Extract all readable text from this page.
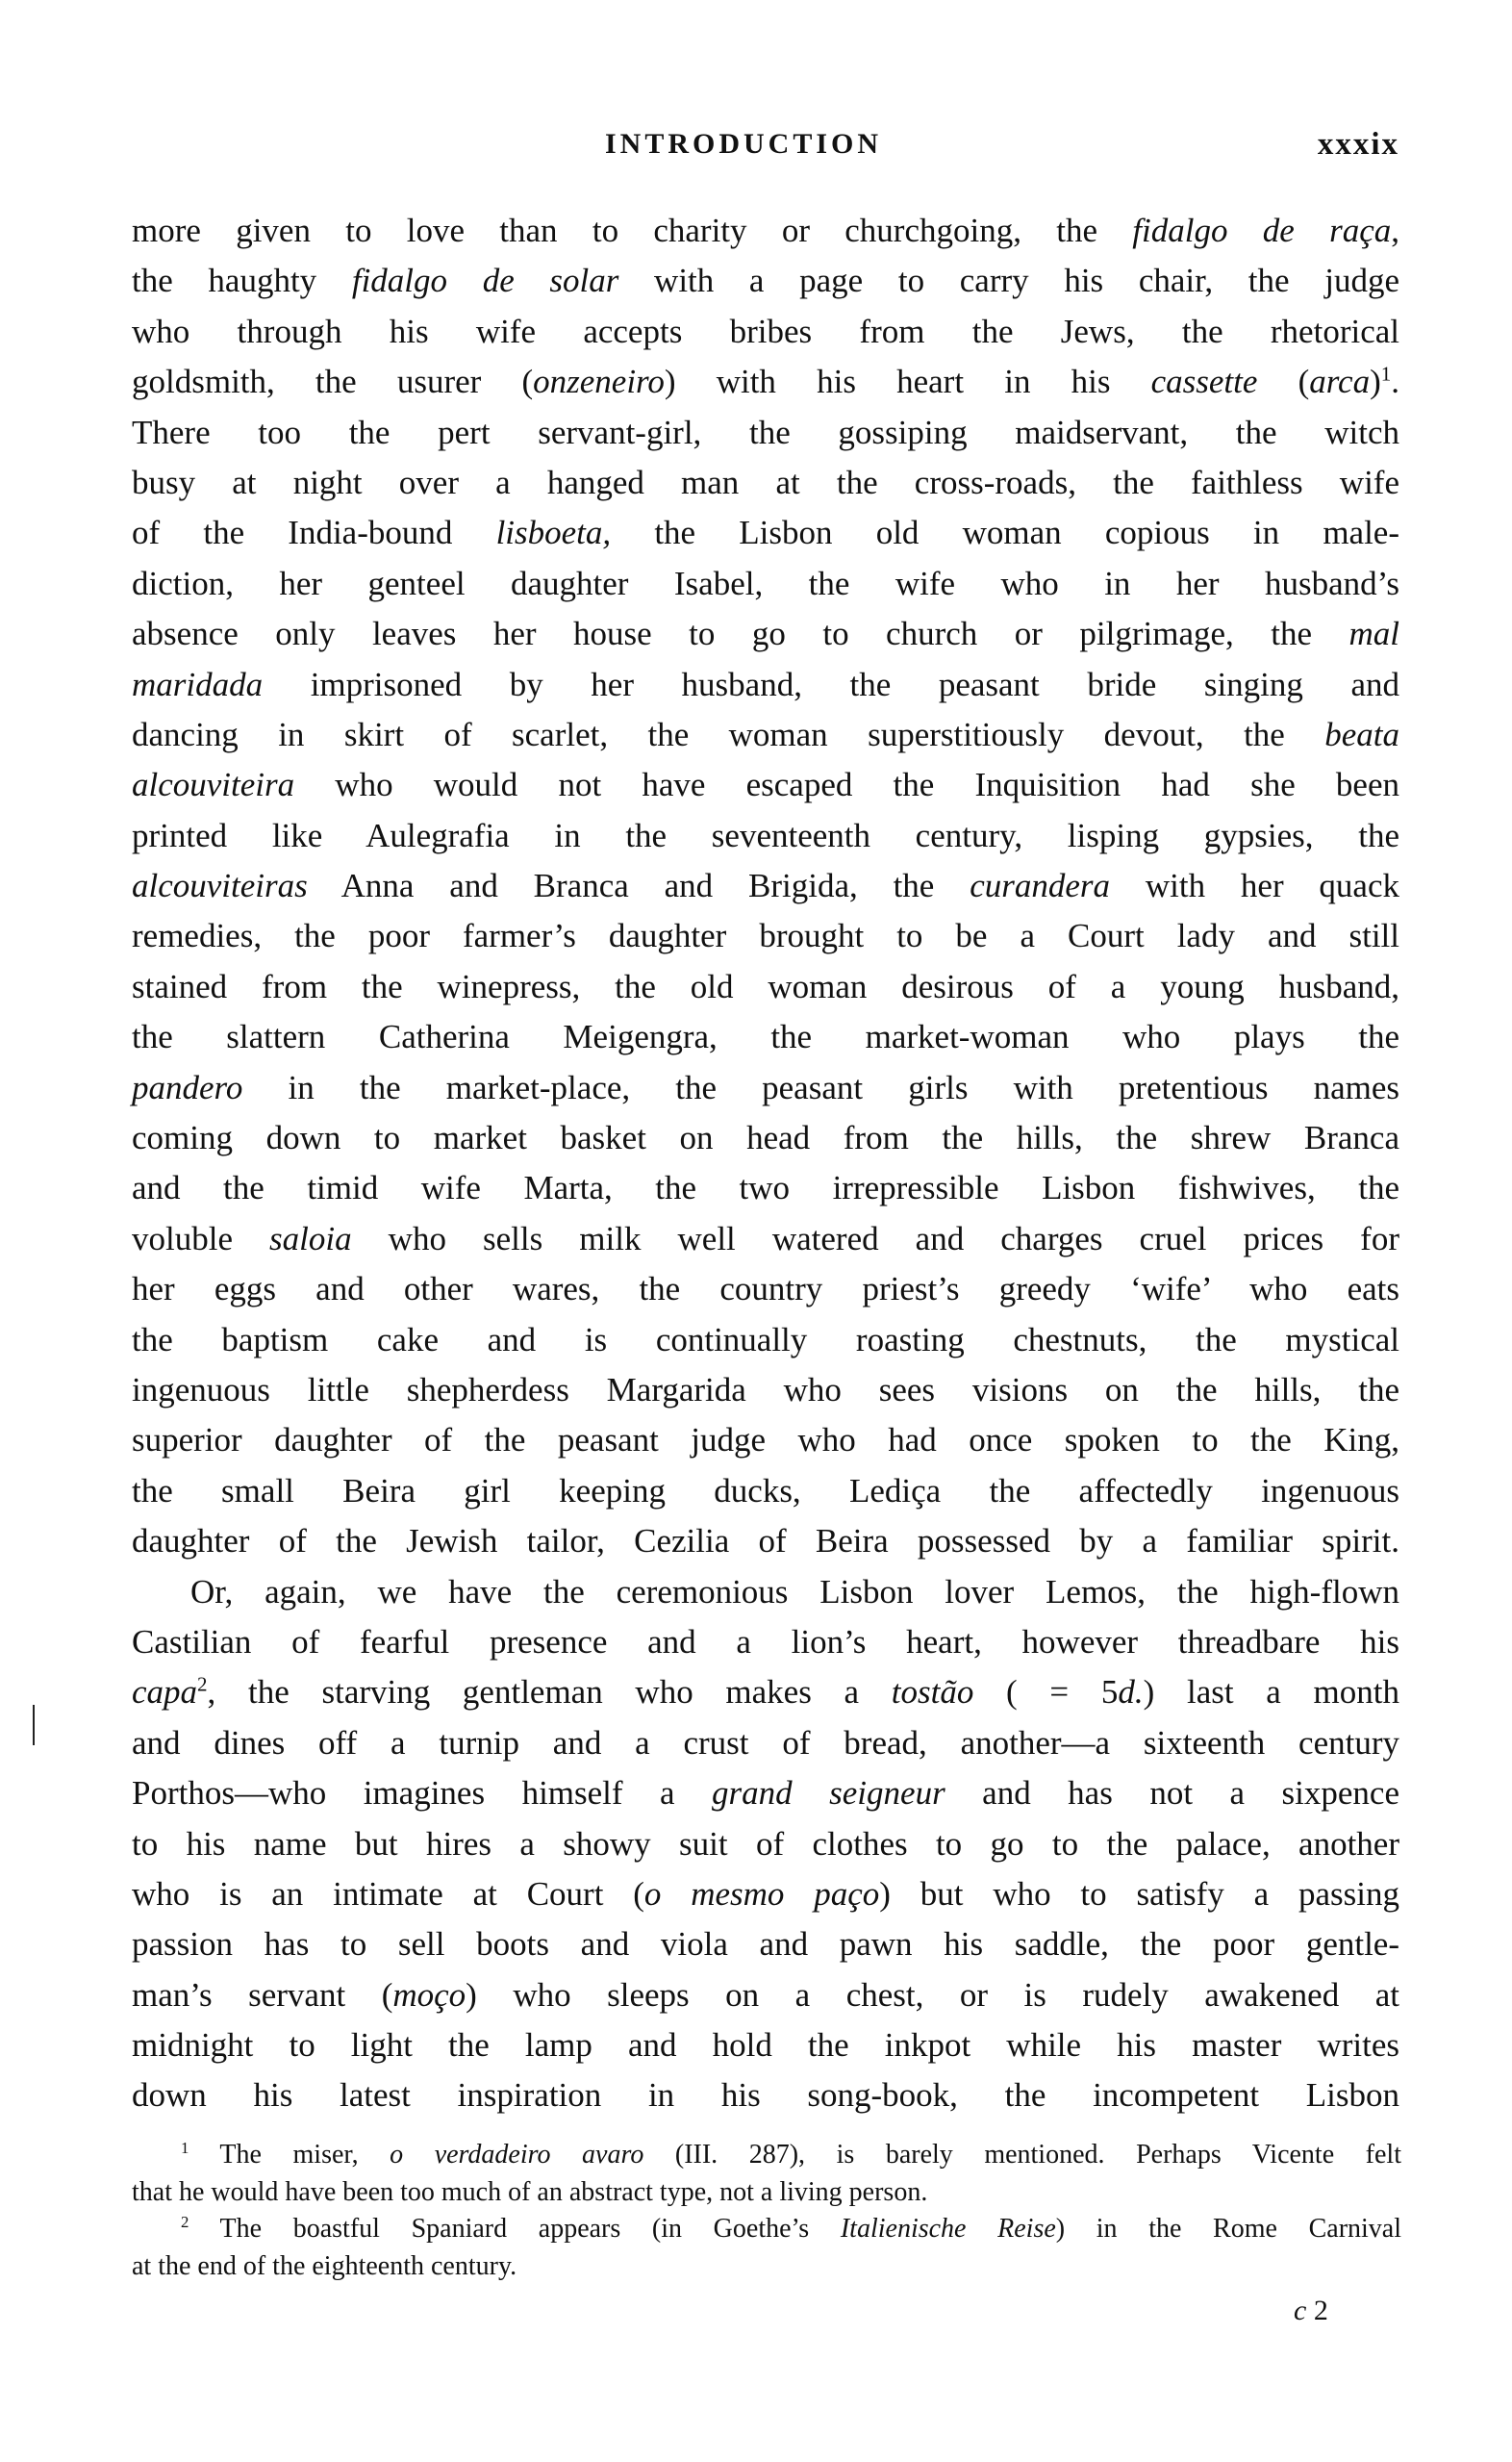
INTRODUCTION	xxxix
more given to love than to charity or churchgoing, the fidalgo de raça,
the haughty fidalgo de solar with a page to carry his chair, the judge
who through his wife accepts bribes from the Jews, the rhetorical
goldsmith, the usurer (onzeneiro) with his heart in his cassette (arca)$^1$.
There too the pert servant-girl, the gossiping maidservant, the witch
busy at night over a hanged man at the cross-roads, the faithless wife
of the India-bound lisboeta, the Lisbon old woman copious in male-
diction, her genteel daughter Isabel, the wife who in her husband’s
absence only leaves her house to go to church or pilgrimage, the mal
maridada imprisoned by her husband, the peasant bride singing and
dancing in skirt of scarlet, the woman superstitiously devout, the beata
alcouviteira who would not have escaped the Inquisition had she been
printed like Aulegrafia in the seventeenth century, lisping gypsies, the
alcouviteiras Anna and Branca and Brigida, the curandera with her quack
remedies, the poor farmer’s daughter brought to be a Court lady and still
stained from the winepress, the old woman desirous of a young husband,
the slattern Catherina Meigengra, the market-woman who plays the
pandero in the market-place, the peasant girls with pretentious names
coming down to market basket on head from the hills, the shrew Branca
and the timid wife Marta, the two irrepressible Lisbon fishwives, the
voluble saloia who sells milk well watered and charges cruel prices for
her eggs and other wares, the country priest’s greedy ‘wife’ who eats
the baptism cake and is continually roasting chestnuts, the mystical
ingenuous little shepherdess Margarida who sees visions on the hills, the
superior daughter of the peasant judge who had once spoken to the King,
the small Beira girl keeping ducks, Lediça the affectedly ingenuous
daughter of the Jewish tailor, Cezilia of Beira possessed by a familiar spirit.
Or, again, we have the ceremonious Lisbon lover Lemos, the high-flown
Castilian of fearful presence and a lion’s heart, however threadbare his
capa$^2$, the starving gentleman who makes a tostão ( = 5d.) last a month
and dines off a turnip and a crust of bread, another—a sixteenth century
Porthos—who imagines himself a grand seigneur and has not a sixpence
to his name but hires a showy suit of clothes to go to the palace, another
who is an intimate at Court (o mesmo paço) but who to satisfy a passing
passion has to sell boots and viola and pawn his saddle, the poor gentle-
man’s servant (moço) who sleeps on a chest, or is rudely awakened at
midnight to light the lamp and hold the inkpot while his master writes
down his latest inspiration in his song-book, the incompetent Lisbon
$^1$ The miser, o verdadeiro avaro (III. 287), is barely mentioned. Perhaps Vicente felt
that he would have been too much of an abstract type, not a living person.
$^2$ The boastful Spaniard appears (in Goethe’s Italienische Reise) in the Rome Carnival
at the end of the eighteenth century.
c 2
